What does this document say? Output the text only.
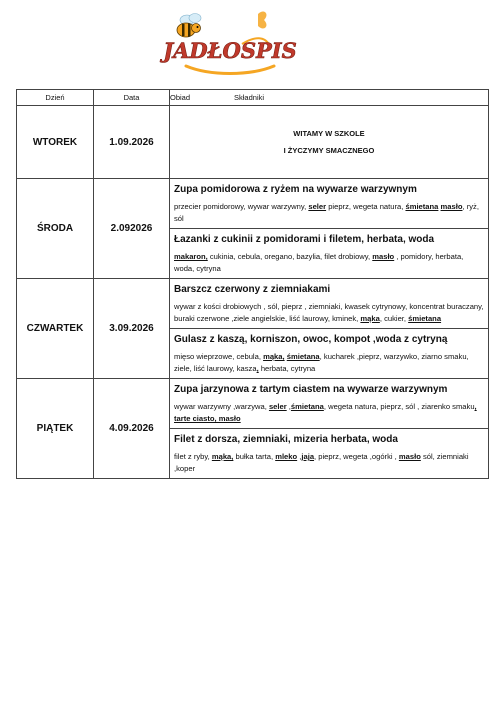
JADŁOSPIS
Dzień	Data	Obiad Składniki
WTOREK	1.09.2026	WITAMY W SZKOLE
I ŻYCZYMY SMACZNEGO

ŚRODA	2.092026	Zupa pomidorowa z ryżem na wywarze warzywnym
przecier pomidorowy, wywar warzywny, seler pieprz, wegeta natura, śmietana masło, ryż, sól

		Łazanki z cukinii z pomidorami i filetem, herbata, woda
makaron, cukinia, cebula, oregano, bazylia, filet drobiowy, masło , pomidory, herbata, woda, cytryna

CZWARTEK	3.09.2026	Barszcz czerwony z ziemniakami
wywar z kości drobiowych , sól, pieprz , ziemniaki, kwasek cytrynowy, koncentrat buraczany, buraki czerwone ,ziele angielskie, liść laurowy, kminek, mąka, cukier, śmietana

		Gulasz z kaszą, korniszon, owoc, kompot ,woda z cytryną
mięso wieprzowe, cebula, mąka, śmietana, kucharek ,pieprz, warzywko, ziarno smaku, ziele, liść laurowy, kasza, herbata, cytryna

PIĄTEK	4.09.2026	Zupa jarzynowa z tartym ciastem na wywarze warzywnym
wywar warzywny ,warzywa, seler ,śmietana, wegeta natura, pieprz, sól , ziarenko smaku, tarte ciasto, masło

		Filet z dorsza, ziemniaki, mizeria herbata, woda
filet z ryby, mąka, bułka tarta, mleko ,jaja, pieprz, wegeta ,ogórki , masło sól, ziemniaki ,koper
